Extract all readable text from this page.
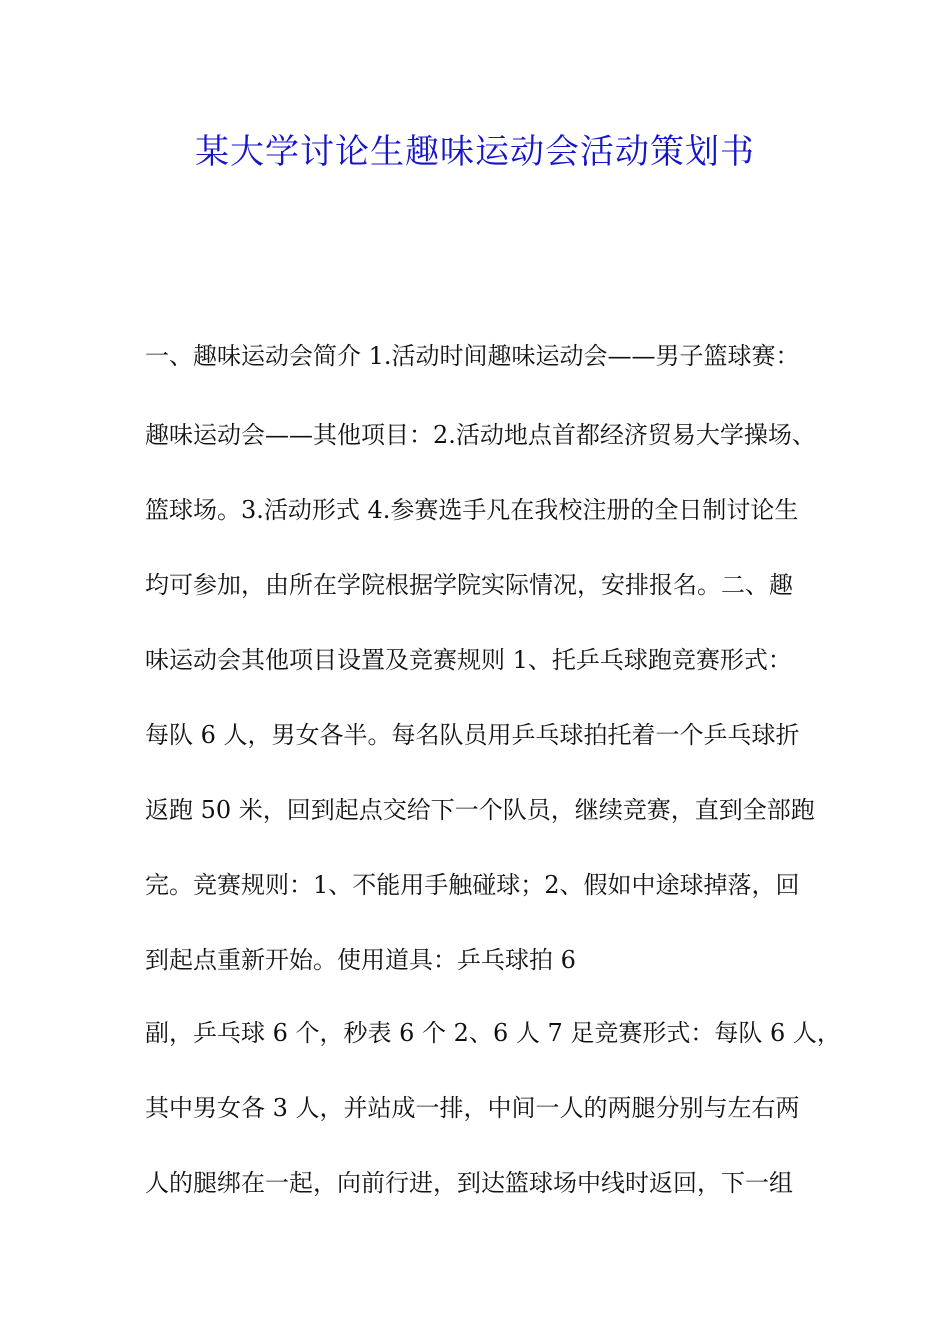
某大学讨论生趣味运动会活动策划书
一、趣味运动会简介 1.活动时间趣味运动会——男子篮球赛：
趣味运动会——其他项目：2.活动地点首都经济贸易大学操场、
篮球场。3.活动形式 4.参赛选手凡在我校注册的全日制讨论生
均可参加，由所在学院根据学院实际情况，安排报名。二、趣
味运动会其他项目设置及竞赛规则 1、托乒乓球跑竞赛形式：
每队 6 人，男女各半。每名队员用乒乓球拍托着一个乒乓球折
返跑 50 米，回到起点交给下一个队员，继续竞赛，直到全部跑
完。竞赛规则：1、不能用手触碰球；2、假如中途球掉落，回
到起点重新开始。使用道具：乒乓球拍 6
副，乒乓球 6 个，秒表 6 个 2、6 人 7 足竞赛形式：每队 6 人，
其中男女各 3 人，并站成一排，中间一人的两腿分别与左右两
人的腿绑在一起，向前行进，到达篮球场中线时返回，下一组
